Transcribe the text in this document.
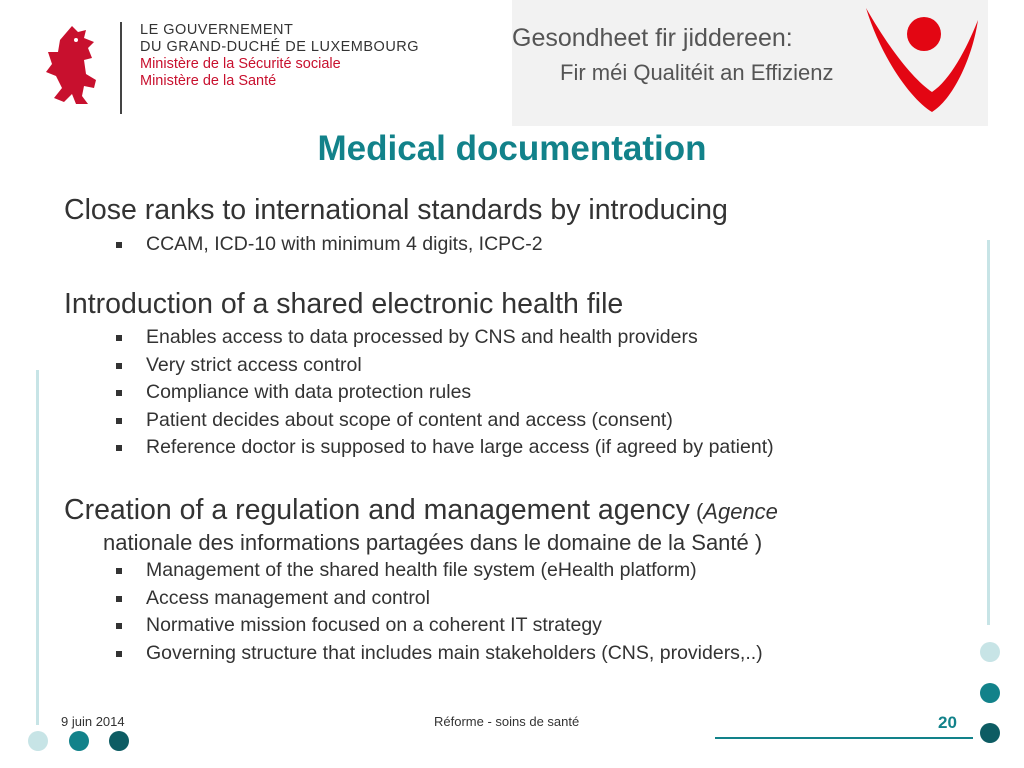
LE GOUVERNEMENT
DU GRAND-DUCHÉ DE LUXEMBOURG
Ministère de la Sécurité sociale
Ministère de la Santé
Gesondheet fir jiddereen:
Fir méi Qualitéit an Effizienz
Medical documentation
Close ranks to international standards by introducing
CCAM, ICD-10 with minimum 4 digits, ICPC-2
Introduction of a shared electronic health file
Enables access to data processed by CNS and health providers
Very strict access control
Compliance with data protection rules
Patient decides about scope of content and access (consent)
Reference doctor is supposed to have large access (if agreed by patient)
Creation of a regulation and management agency (Agence
nationale des informations partagées dans le domaine de la Santé )
Management of the shared health file system (eHealth platform)
Access management and control
Normative mission focused on a coherent IT strategy
Governing structure that includes main stakeholders (CNS, providers,..)
9 juin 2014	Réforme - soins de santé	20
